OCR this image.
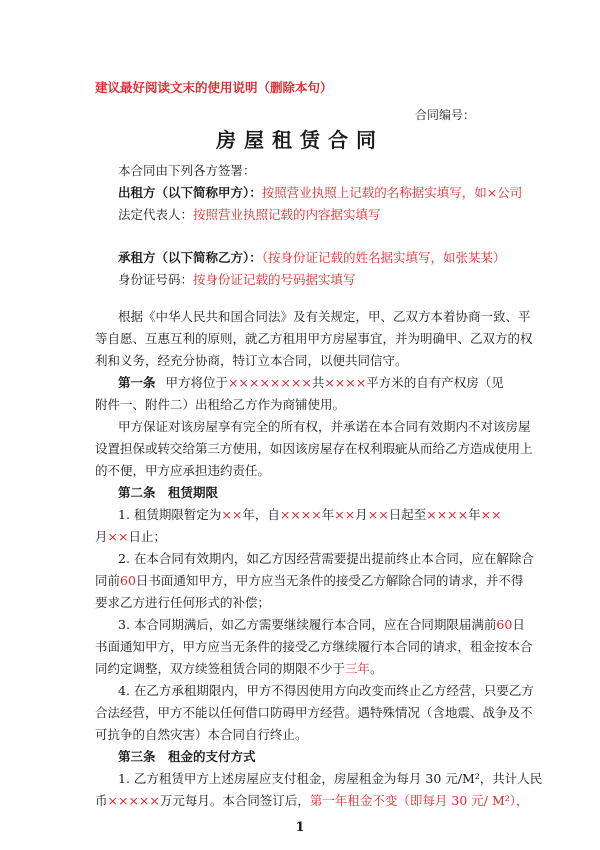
建议最好阅读文末的使用说明（删除本句）
合同编号：
房屋租赁合同
本合同由下列各方签署：
出租方（以下简称甲方）：按照营业执照上记载的名称据实填写，如×公司
法定代表人：按照营业执照记载的内容据实填写
承租方（以下简称乙方）：（按身份证记载的姓名据实填写，如张某某）
身份证号码：按身份证记载的号码据实填写
根据《中华人民共和国合同法》及有关规定，甲、乙双方本着协商一致、平
等自愿、互惠互利的原则，就乙方租用甲方房屋事宜，并为明确甲、乙双方的权
利和义务，经充分协商，特订立本合同，以便共同信守。
第一条 甲方将位于××××××××共××××平方米的自有产权房（见
附件一、附件二）出租给乙方作为商铺使用。
甲方保证对该房屋享有完全的所有权，并承诺在本合同有效期内不对该房屋
设置担保或转交给第三方使用，如因该房屋存在权利瑕疵从而给乙方造成使用上
的不便，甲方应承担违约责任。
第二条　租赁期限
1. 租赁期限暂定为××年，自××××年××月××日起至××××年××
月××日止；
2. 在本合同有效期内，如乙方因经营需要提出提前终止本合同，应在解除合
同前60日书面通知甲方，甲方应当无条件的接受乙方解除合同的请求，并不得
要求乙方进行任何形式的补偿；
3. 本合同期满后，如乙方需要继续履行本合同，应在合同期限届满前60日
书面通知甲方，甲方应当无条件的接受乙方继续履行本合同的请求，租金按本合
同约定调整，双方续签租赁合同的期限不少于三年。
4. 在乙方承租期限内，甲方不得因使用方向改变而终止乙方经营，只要乙方
合法经营，甲方不能以任何借口防碍甲方经营。遇特殊情况（含地震、战争及不
可抗争的自然灾害）本合同自行终止。
第三条　租金的支付方式
1. 乙方租赁甲方上述房屋应支付租金，房屋租金为每月 30 元/M²，共计人民
币×××××万元每月。本合同签订后，第一年租金不变（即每月 30 元/ M²），
1
